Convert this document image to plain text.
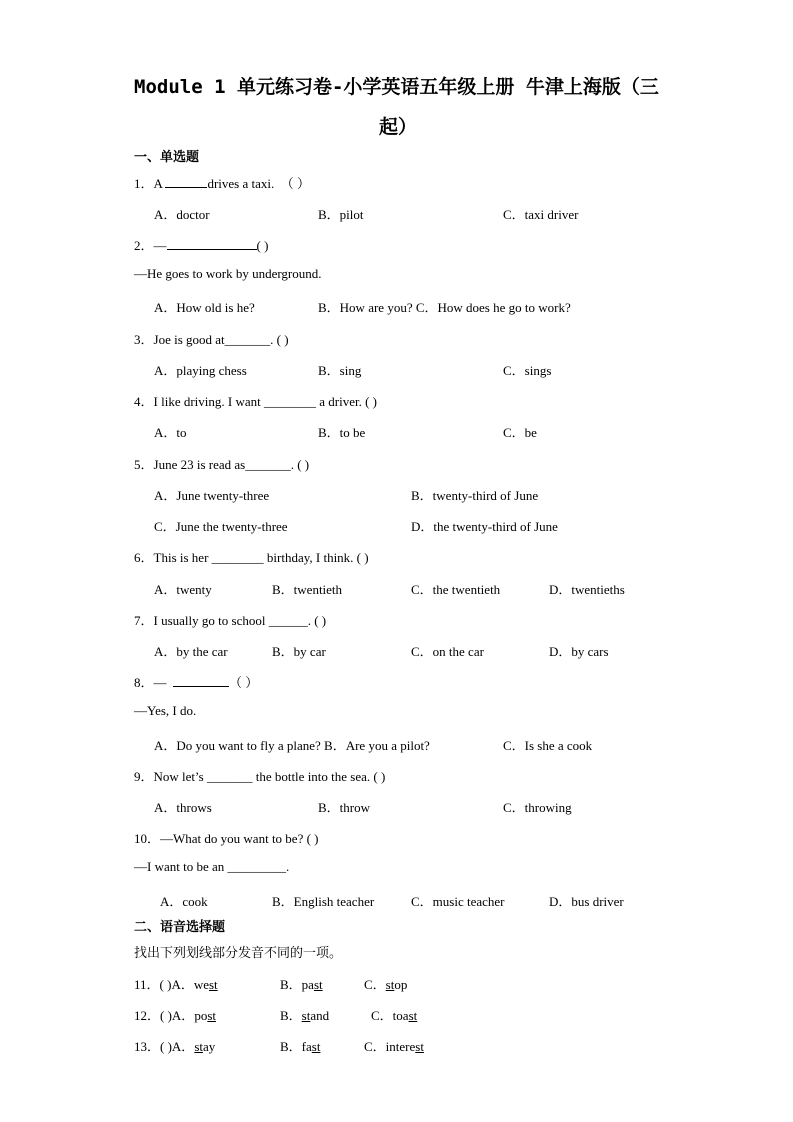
Module 1 单元练习卷-小学英语五年级上册 牛津上海版（三
起）
一、单选题
1．A	drives a taxi. （ ）
A．doctor	B．pilot	C．taxi driver
2．—	( )
—He goes to work by underground.
A．How old is he?	B．How are you? C．How does he go to work?
3．Joe is good at_______. ( )
A．playing chess	B．sing	C．sings
4．I like driving. I want ________ a driver. ( )
A．to	B．to be	C．be
5．June 23 is read as_______. ( )
A．June twenty-three	B．twenty-third of June
C．June the twenty-three	D．the twenty-third of June
6．This is her ________ birthday, I think. ( )
A．twenty	B．twentieth	C．the twentieth	D．twentieths
7．I usually go to school ______. ( )
A．by the car	B．by car	C．on the car	D．by cars
8．—	（ ）
—Yes, I do.
A．Do you want to fly a plane? B．Are you a pilot?	C．Is she a cook
9．Now let’s _______ the bottle into the sea. ( )
A．throws	B．throw	C．throwing
10．—What do you want to be? ( )
—I want to be an _________.
A．cook	B．English teacher	C．music teacher	D．bus driver
二、语音选择题
找出下列划线部分发音不同的一项。
11．( )A．west	B．past	C．stop
12．( )A．post	B．stand	C．toast
13．( )A．stay	B．fast	C．interest
